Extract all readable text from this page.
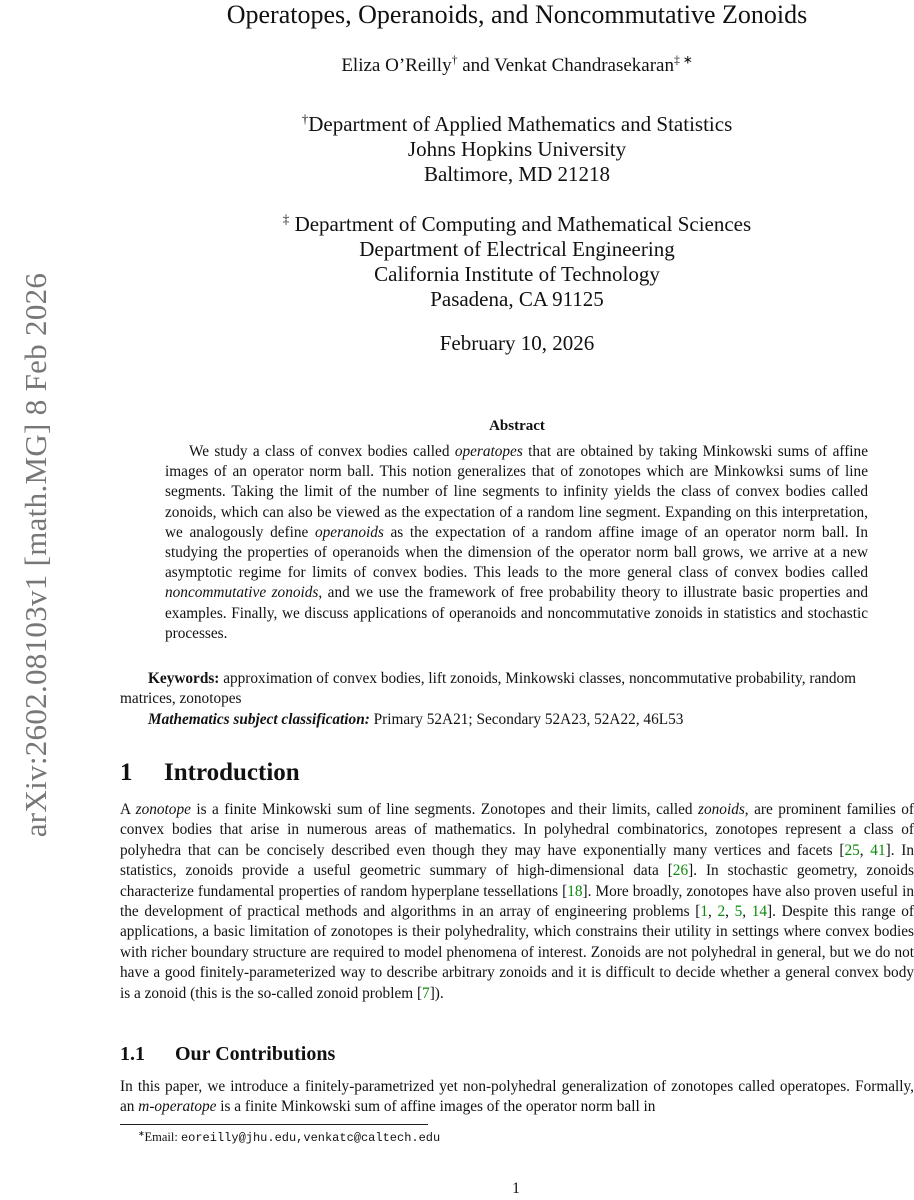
arXiv:2602.08103v1 [math.MG] 8 Feb 2026
Operatopes, Operanoids, and Noncommutative Zonoids
Eliza O’Reilly† and Venkat Chandrasekaran‡ ∗
†Department of Applied Mathematics and Statistics
Johns Hopkins University
Baltimore, MD 21218
‡ Department of Computing and Mathematical Sciences
Department of Electrical Engineering
California Institute of Technology
Pasadena, CA 91125
February 10, 2026
Abstract
We study a class of convex bodies called operatopes that are obtained by taking Minkowski sums of affine images of an operator norm ball. This notion generalizes that of zonotopes which are Minkowksi sums of line segments. Taking the limit of the number of line segments to infinity yields the class of convex bodies called zonoids, which can also be viewed as the expectation of a random line segment. Expanding on this interpretation, we analogously define operanoids as the expectation of a random affine image of an operator norm ball. In studying the properties of operanoids when the dimension of the operator norm ball grows, we arrive at a new asymptotic regime for limits of convex bodies. This leads to the more general class of convex bodies called noncommutative zonoids, and we use the framework of free probability theory to illustrate basic properties and examples. Finally, we discuss applications of operanoids and noncommutative zonoids in statistics and stochastic processes.
Keywords: approximation of convex bodies, lift zonoids, Minkowski classes, noncommutative probability, random matrices, zonotopes
Mathematics subject classification: Primary 52A21; Secondary 52A23, 52A22, 46L53
1 Introduction
A zonotope is a finite Minkowski sum of line segments. Zonotopes and their limits, called zonoids, are prominent families of convex bodies that arise in numerous areas of mathematics. In polyhedral combinatorics, zonotopes represent a class of polyhedra that can be concisely described even though they may have exponentially many vertices and facets [25, 41]. In statistics, zonoids provide a useful geometric summary of high-dimensional data [26]. In stochastic geometry, zonoids characterize fundamental properties of random hyperplane tessellations [18]. More broadly, zonotopes have also proven useful in the development of practical methods and algorithms in an array of engineering problems [1, 2, 5, 14]. Despite this range of applications, a basic limitation of zonotopes is their polyhedrality, which constrains their utility in settings where convex bodies with richer boundary structure are required to model phenomena of interest. Zonoids are not polyhedral in general, but we do not have a good finitely-parameterized way to describe arbitrary zonoids and it is difficult to decide whether a general convex body is a zonoid (this is the so-called zonoid problem [7]).
1.1 Our Contributions
In this paper, we introduce a finitely-parametrized yet non-polyhedral generalization of zonotopes called operatopes. Formally, an m-operatope is a finite Minkowski sum of affine images of the operator norm ball in
∗Email: eoreilly@jhu.edu,venkatc@caltech.edu
1
